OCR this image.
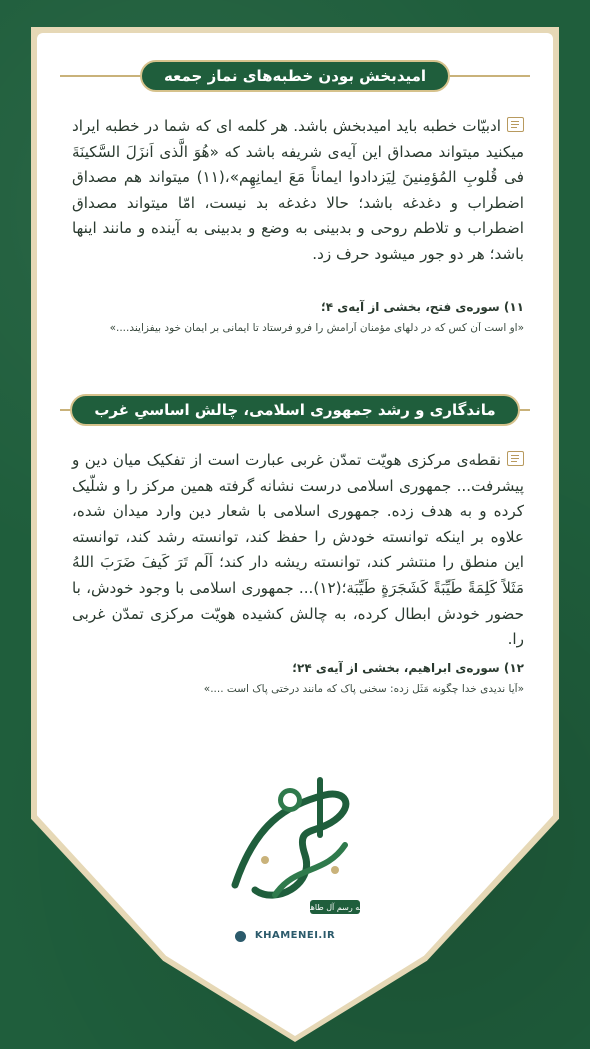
امیدبخش بودن خطبه‌های نماز جمعه
ادبیّات خطبه باید امیدبخش باشد. هر کلمه ای که شما در خطبه ایراد میکنید میتواند مصداق این آیه‌ی شریفه باشد که «هُوَ الَّذی اَنزَلَ السَّکینَةَ فی قُلوبِ المُؤمِنینَ لِیَزدادوا ایماناً مَعَ ایمانِهِم»،(۱۱) میتواند هم مصداق اضطراب و دغدغه باشد؛ حالا دغدغه بد نیست، امّا میتواند مصداق اضطراب و تلاطم روحی و بدبینی به وضع و بدبینی به آینده و مانند اینها باشد؛ هر دو جور میشود حرف زد.
۱۱) سوره‌ی فتح، بخشی از آیه‌ی ۴؛
«او است آن کس که در دلهای مؤمنان آرامش را فرو فرستاد تا ایمانی بر ایمان خود بیفزایند....»
ماندگاری و رشد جمهوری اسلامی، چالش اساسیِ غرب
نقطه‌ی مرکزی هویّت تمدّن غربی عبارت است از تفکیک میان دین و پیشرفت... جمهوری اسلامی درست نشانه گرفته همین مرکز را و شلّیک کرده و به هدف زده. جمهوری اسلامی با شعار دین وارد میدان شده، علاوه بر اینکه توانسته خودش را حفظ کند، توانسته رشد کند، توانسته این منطق را منتشر کند، توانسته ریشه دار کند؛ اَلَم تَرَ کَیفَ ضَرَبَ اللهُ مَثَلاً کَلِمَةً طَیِّبَةً کَشَجَرَةٍ طَیِّبَة؛(۱۲)... جمهوری اسلامی با وجود خودش، با حضور خودش ابطال کرده، به چالش کشیده هویّت مرکزی تمدّن غربی را.
۱۲) سوره‌ی ابراهیم، بخشی از آیه‌ی ۲۴؛
«آیا ندیدی خدا چگونه مَثَل زده: سخنی پاک که مانند درختی پاک است ....»
به رسم آل طاها
KHAMENEI.IR
